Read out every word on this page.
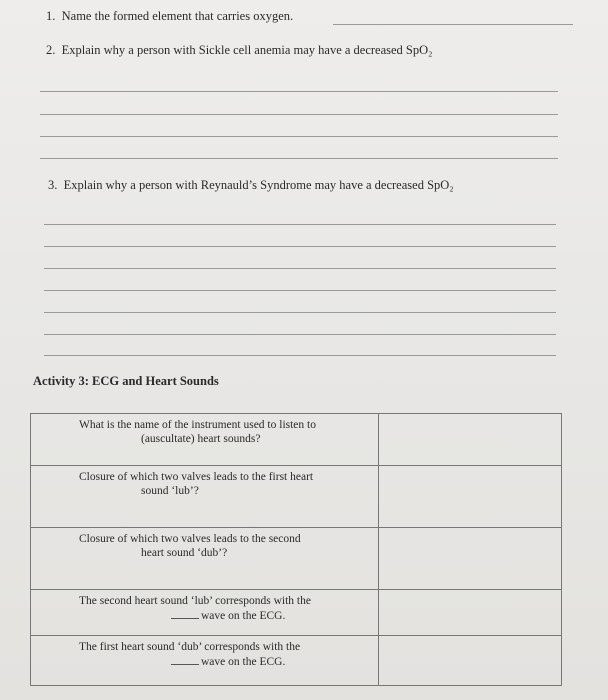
1. Name the formed element that carries oxygen.
2. Explain why a person with Sickle cell anemia may have a decreased SpO₂
3. Explain why a person with Reynauld’s Syndrome may have a decreased SpO₂
Activity 3: ECG and Heart Sounds
What is the name of the instrument used to listen to
(auscultate) heart sounds?	

Closure of which two valves leads to the first heart
sound ‘lub’?	

Closure of which two valves leads to the second
heart sound ‘dub’?	

The second heart sound ‘lub’ corresponds with the
wave on the ECG.	

The first heart sound ‘dub’ corresponds with the
wave on the ECG.	
